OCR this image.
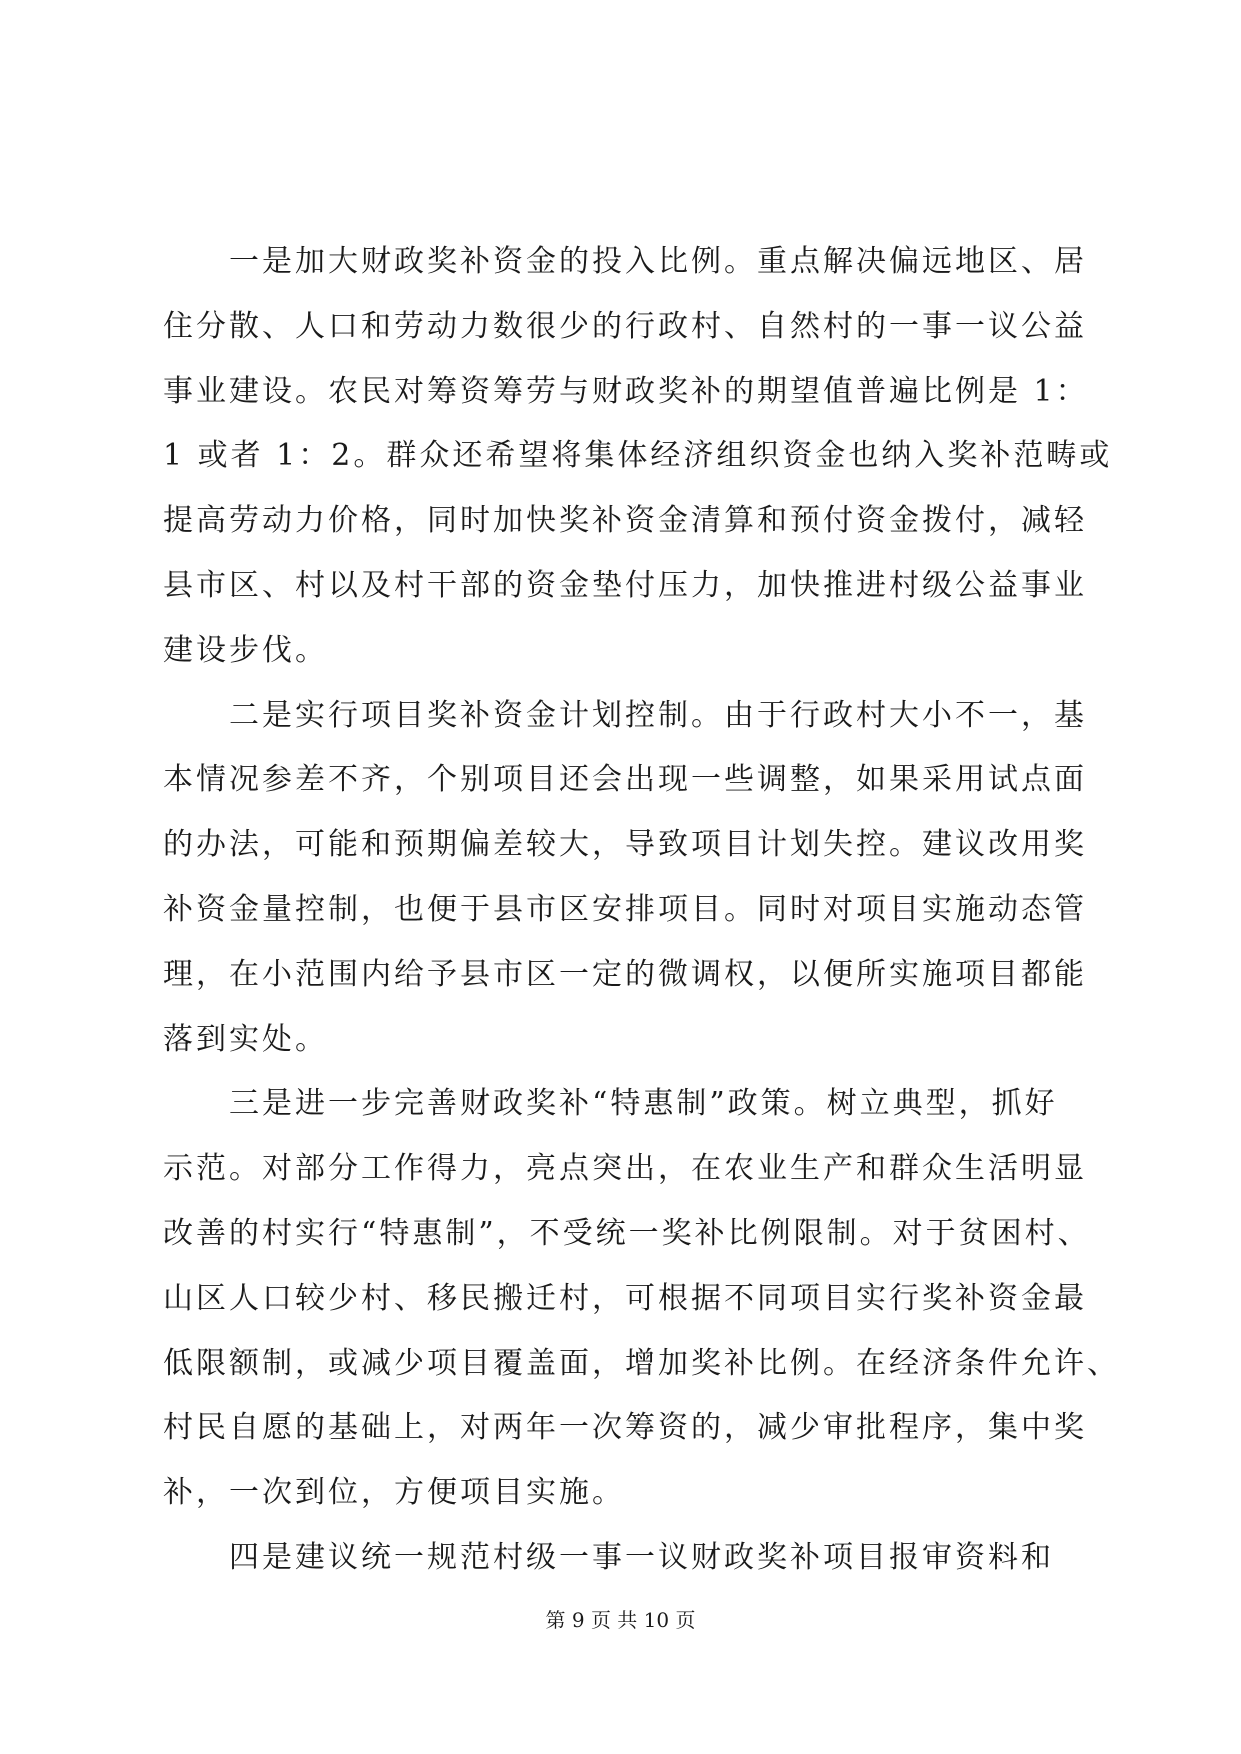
　　一是加大财政奖补资金的投入比例。重点解决偏远地区、居
住分散、人口和劳动力数很少的行政村、自然村的一事一议公益
事业建设。农民对筹资筹劳与财政奖补的期望值普遍比例是 1：
1 或者 1：2。群众还希望将集体经济组织资金也纳入奖补范畴或
提高劳动力价格，同时加快奖补资金清算和预付资金拨付，减轻
县市区、村以及村干部的资金垫付压力，加快推进村级公益事业
建设步伐。
　　二是实行项目奖补资金计划控制。由于行政村大小不一，基
本情况参差不齐，个别项目还会出现一些调整，如果采用试点面
的办法，可能和预期偏差较大，导致项目计划失控。建议改用奖
补资金量控制，也便于县市区安排项目。同时对项目实施动态管
理，在小范围内给予县市区一定的微调权，以便所实施项目都能
落到实处。
　　三是进一步完善财政奖补“特惠制”政策。树立典型，抓好
示范。对部分工作得力，亮点突出，在农业生产和群众生活明显
改善的村实行“特惠制”，不受统一奖补比例限制。对于贫困村、
山区人口较少村、移民搬迁村，可根据不同项目实行奖补资金最
低限额制，或减少项目覆盖面，增加奖补比例。在经济条件允许、
村民自愿的基础上，对两年一次筹资的，减少审批程序，集中奖
补，一次到位，方便项目实施。
　　四是建议统一规范村级一事一议财政奖补项目报审资料和
第 9 页 共 10 页
